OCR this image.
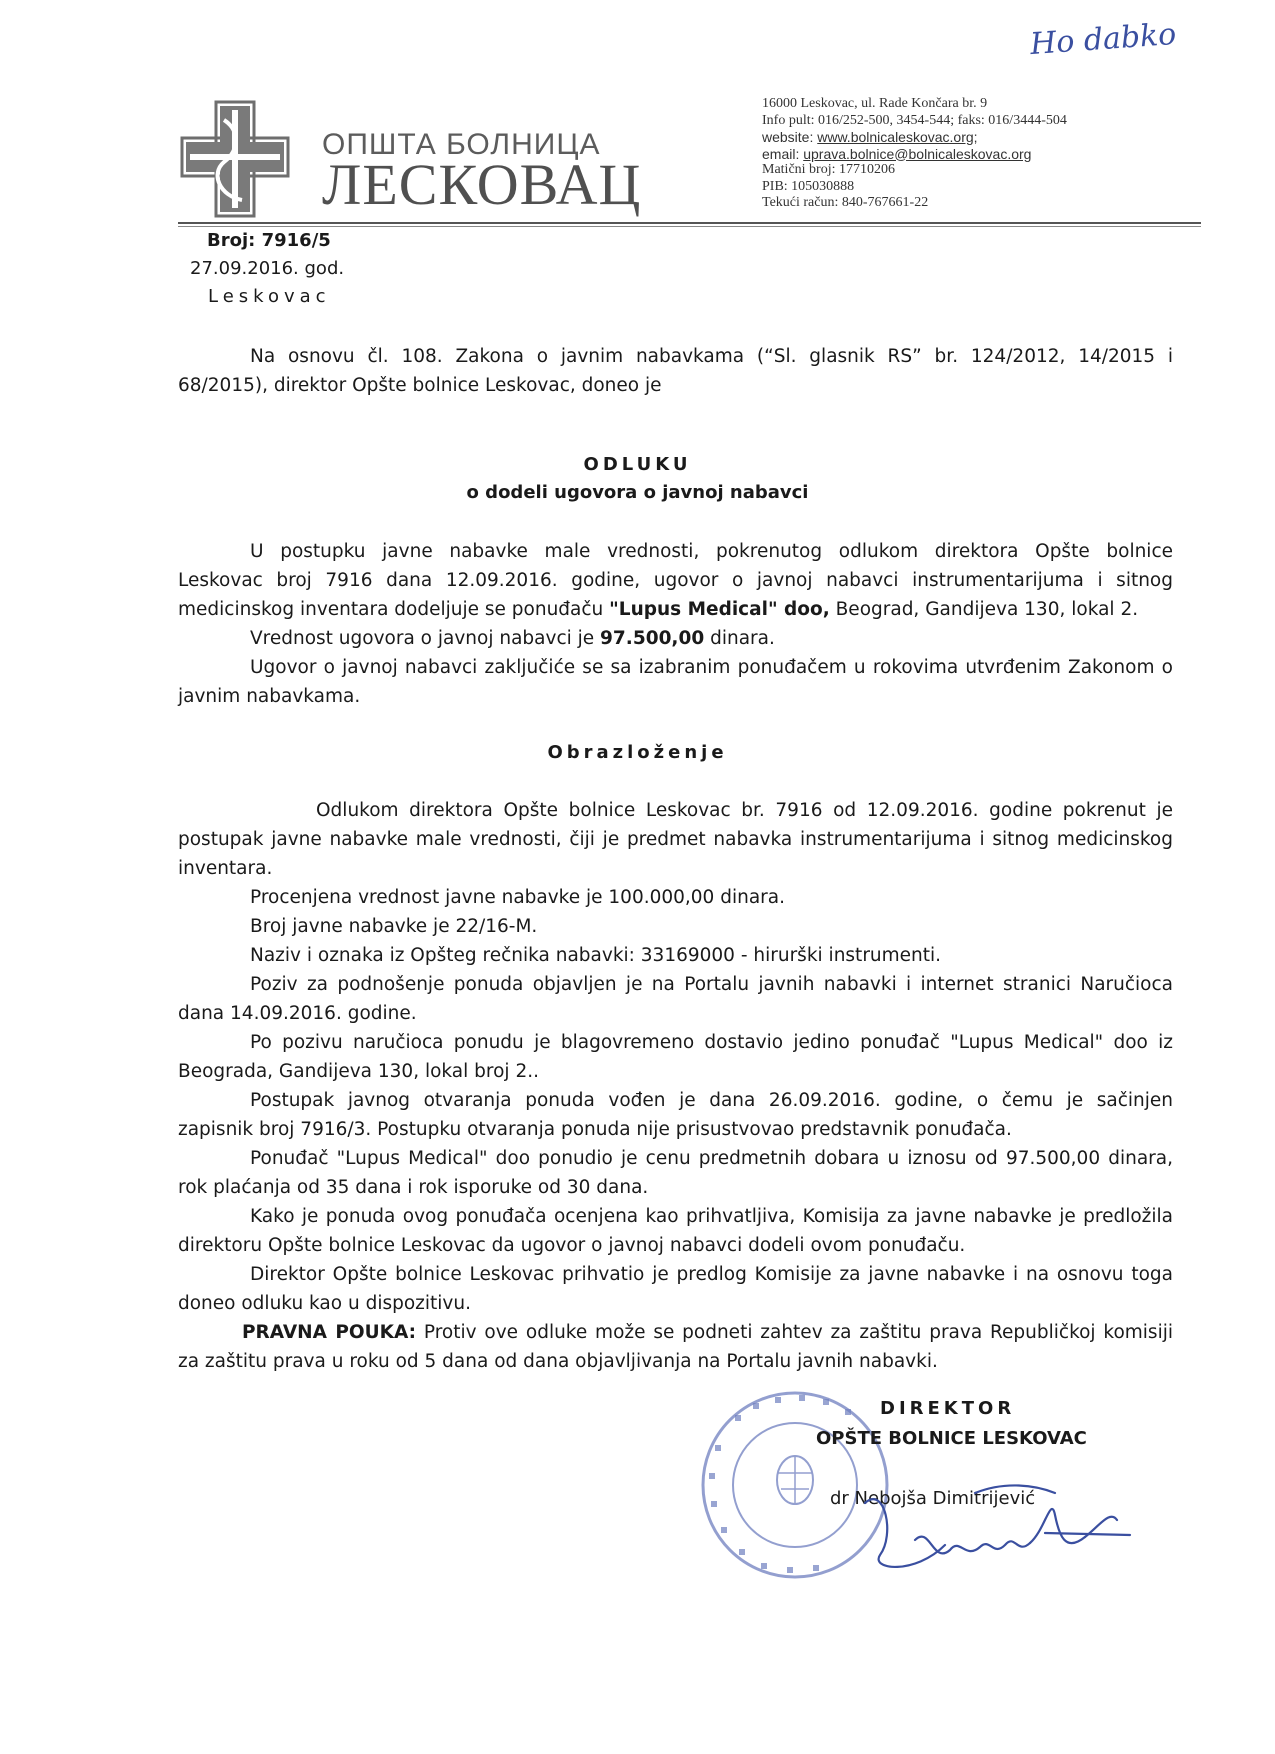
Ho dabko
ОПШТА БОЛНИЦА
ЛЕСКОВАЦ
16000 Leskovac, ul. Rade Končara br. 9
Info pult: 016/252-500, 3454-544; faks: 016/3444-504
website: www.bolnicaleskovac.org;
email: uprava.bolnice@bolnicaleskovac.org
Matični broj: 17710206
PIB: 105030888
Tekući račun: 840-767661-22
Broj: 7916/5
27.09.2016. god.
Leskovac
Na osnovu čl. 108. Zakona o javnim nabavkama (“Sl. glasnik RS” br. 124/2012, 14/2015 i
68/2015), direktor Opšte bolnice Leskovac, doneo je
ODLUKU
o dodeli ugovora o javnoj nabavci
U postupku javne nabavke male vrednosti, pokrenutog odlukom direktora Opšte bolnice
Leskovac broj 7916 dana 12.09.2016. godine, ugovor o javnoj nabavci instrumentarijuma i sitnog
medicinskog inventara dodeljuje se ponuđaču "Lupus Medical" doo, Beograd, Gandijeva 130, lokal 2.
Vrednost ugovora o javnoj nabavci je 97.500,00 dinara.
Ugovor o javnoj nabavci zaključiće se sa izabranim ponuđačem u rokovima utvrđenim Zakonom o
javnim nabavkama.
Obrazloženje
Odlukom direktora Opšte bolnice Leskovac br. 7916 od 12.09.2016. godine pokrenut je
postupak javne nabavke male vrednosti, čiji je predmet nabavka instrumentarijuma i sitnog medicinskog
inventara.
Procenjena vrednost javne nabavke je 100.000,00 dinara.
Broj javne nabavke je 22/16-M.
Naziv i oznaka iz Opšteg rečnika nabavki: 33169000 - hirurški instrumenti.
Poziv za podnošenje ponuda objavljen je na Portalu javnih nabavki i internet stranici Naručioca
dana 14.09.2016. godine.
Po pozivu naručioca ponudu je blagovremeno dostavio jedino ponuđač "Lupus Medical" doo iz
Beograda, Gandijeva 130, lokal broj 2..
Postupak javnog otvaranja ponuda vođen je dana 26.09.2016. godine, o čemu je sačinjen
zapisnik broj 7916/3. Postupku otvaranja ponuda nije prisustvovao predstavnik ponuđača.
Ponuđač "Lupus Medical" doo ponudio je cenu predmetnih dobara u iznosu od 97.500,00 dinara,
rok plaćanja od 35 dana i rok isporuke od 30 dana.
Kako je ponuda ovog ponuđača ocenjena kao prihvatljiva, Komisija za javne nabavke je predložila
direktoru Opšte bolnice Leskovac da ugovor o javnoj nabavci dodeli ovom ponuđaču.
Direktor Opšte bolnice Leskovac prihvatio je predlog Komisije za javne nabavke i na osnovu toga
doneo odluku kao u dispozitivu.
PRAVNA POUKA: Protiv ove odluke može se podneti zahtev za zaštitu prava Republičkoj komisiji
za zaštitu prava u roku od 5 dana od dana objavljivanja na Portalu javnih nabavki.
DIREKTOR
OPŠTE BOLNICE LESKOVAC
dr Nebojša Dimitrijević
